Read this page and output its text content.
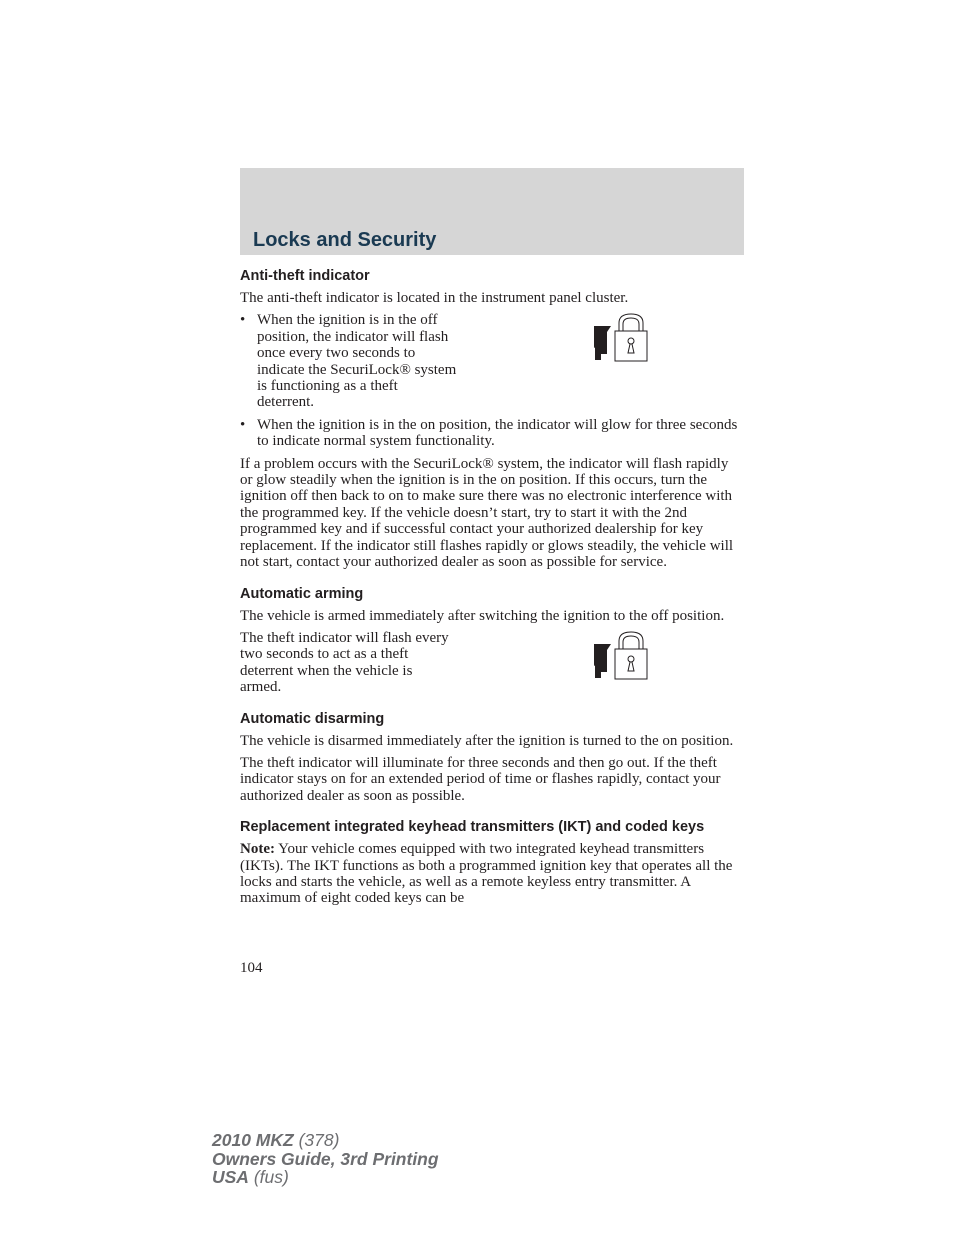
Locks and Security
Anti-theft indicator

The anti-theft indicator is located in the instrument panel cluster.

• When the ignition is in the off

position, the indicator will flash

once every two seconds to

indicate the SecuriLock® system

is functioning as a theft

deterrent.

• When the ignition is in the on position, the indicator will glow for three seconds to indicate normal system functionality.

If a problem occurs with the SecuriLock® system, the indicator will flash rapidly or glow steadily when the ignition is in the on position. If this occurs, turn the ignition off then back to on to make sure there was no electronic interference with the programmed key. If the vehicle doesn’t start, try to start it with the 2nd programmed key and if successful contact your authorized dealership for key replacement. If the indicator still flashes rapidly or glows steadily, the vehicle will not start, contact your authorized dealer as soon as possible for service.

Automatic arming

The vehicle is armed immediately after switching the ignition to the off position.

The theft indicator will flash every

two seconds to act as a theft

deterrent when the vehicle is

armed.

Automatic disarming

The vehicle is disarmed immediately after the ignition is turned to the on position.

The theft indicator will illuminate for three seconds and then go out. If the theft indicator stays on for an extended period of time or flashes rapidly, contact your authorized dealer as soon as possible.

Replacement integrated keyhead transmitters (IKT) and coded keys

Note: Your vehicle comes equipped with two integrated keyhead transmitters (IKTs). The IKT functions as both a programmed ignition key that operates all the locks and starts the vehicle, as well as a remote keyless entry transmitter. A maximum of eight coded keys can be

104
2010 MKZ (378)
Owners Guide, 3rd Printing
USA (fus)
